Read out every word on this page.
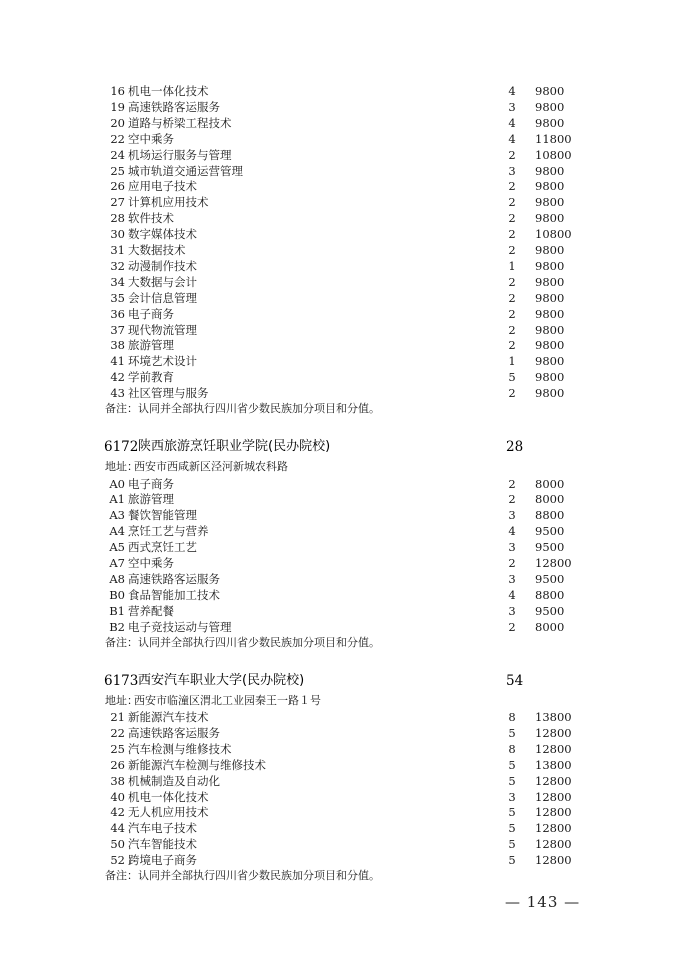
16 机电一体化技术	4 9800
19 高速铁路客运服务	3 9800
20 道路与桥梁工程技术	4 9800
22 空中乘务	4 11800
24 机场运行服务与管理	2 10800
25 城市轨道交通运营管理	3 9800
26 应用电子技术	2 9800
27 计算机应用技术	2 9800
28 软件技术	2 9800
30 数字媒体技术	2 10800
31 大数据技术	2 9800
32 动漫制作技术	1 9800
34 大数据与会计	2 9800
35 会计信息管理	2 9800
36 电子商务	2 9800
37 现代物流管理	2 9800
38 旅游管理	2 9800
41 环境艺术设计	1 9800
42 学前教育	5 9800
43 社区管理与服务	2 9800
备注：认同并全部执行四川省少数民族加分项目和分值。
6172 陕西旅游烹饪职业学院(民办院校)	28
地址：
西安市西咸新区泾河新城农科路
A0 电子商务	2 8000
A1 旅游管理	2 8000
A3 餐饮智能管理	3 8800
A4 烹饪工艺与营养	4 9500
A5 西式烹饪工艺	3 9500
A7 空中乘务	2 12800
A8 高速铁路客运服务	3 9500
B0 食品智能加工技术	4 8800
B1 营养配餐	3 9500
B2 电子竞技运动与管理	2 8000
备注：认同并全部执行四川省少数民族加分项目和分值。
6173 西安汽车职业大学(民办院校)	54
地址：
西安市临潼区渭北工业园秦王一路１号
21 新能源汽车技术	8 13800
22 高速铁路客运服务	5 12800
25 汽车检测与维修技术	8 12800
26 新能源汽车检测与维修技术	5 13800
38 机械制造及自动化	5 12800
40 机电一体化技术	3 12800
42 无人机应用技术	5 12800
44 汽车电子技术	5 12800
50 汽车智能技术	5 12800
52 跨境电子商务	5 12800
备注：认同并全部执行四川省少数民族加分项目和分值。
— 143 —
